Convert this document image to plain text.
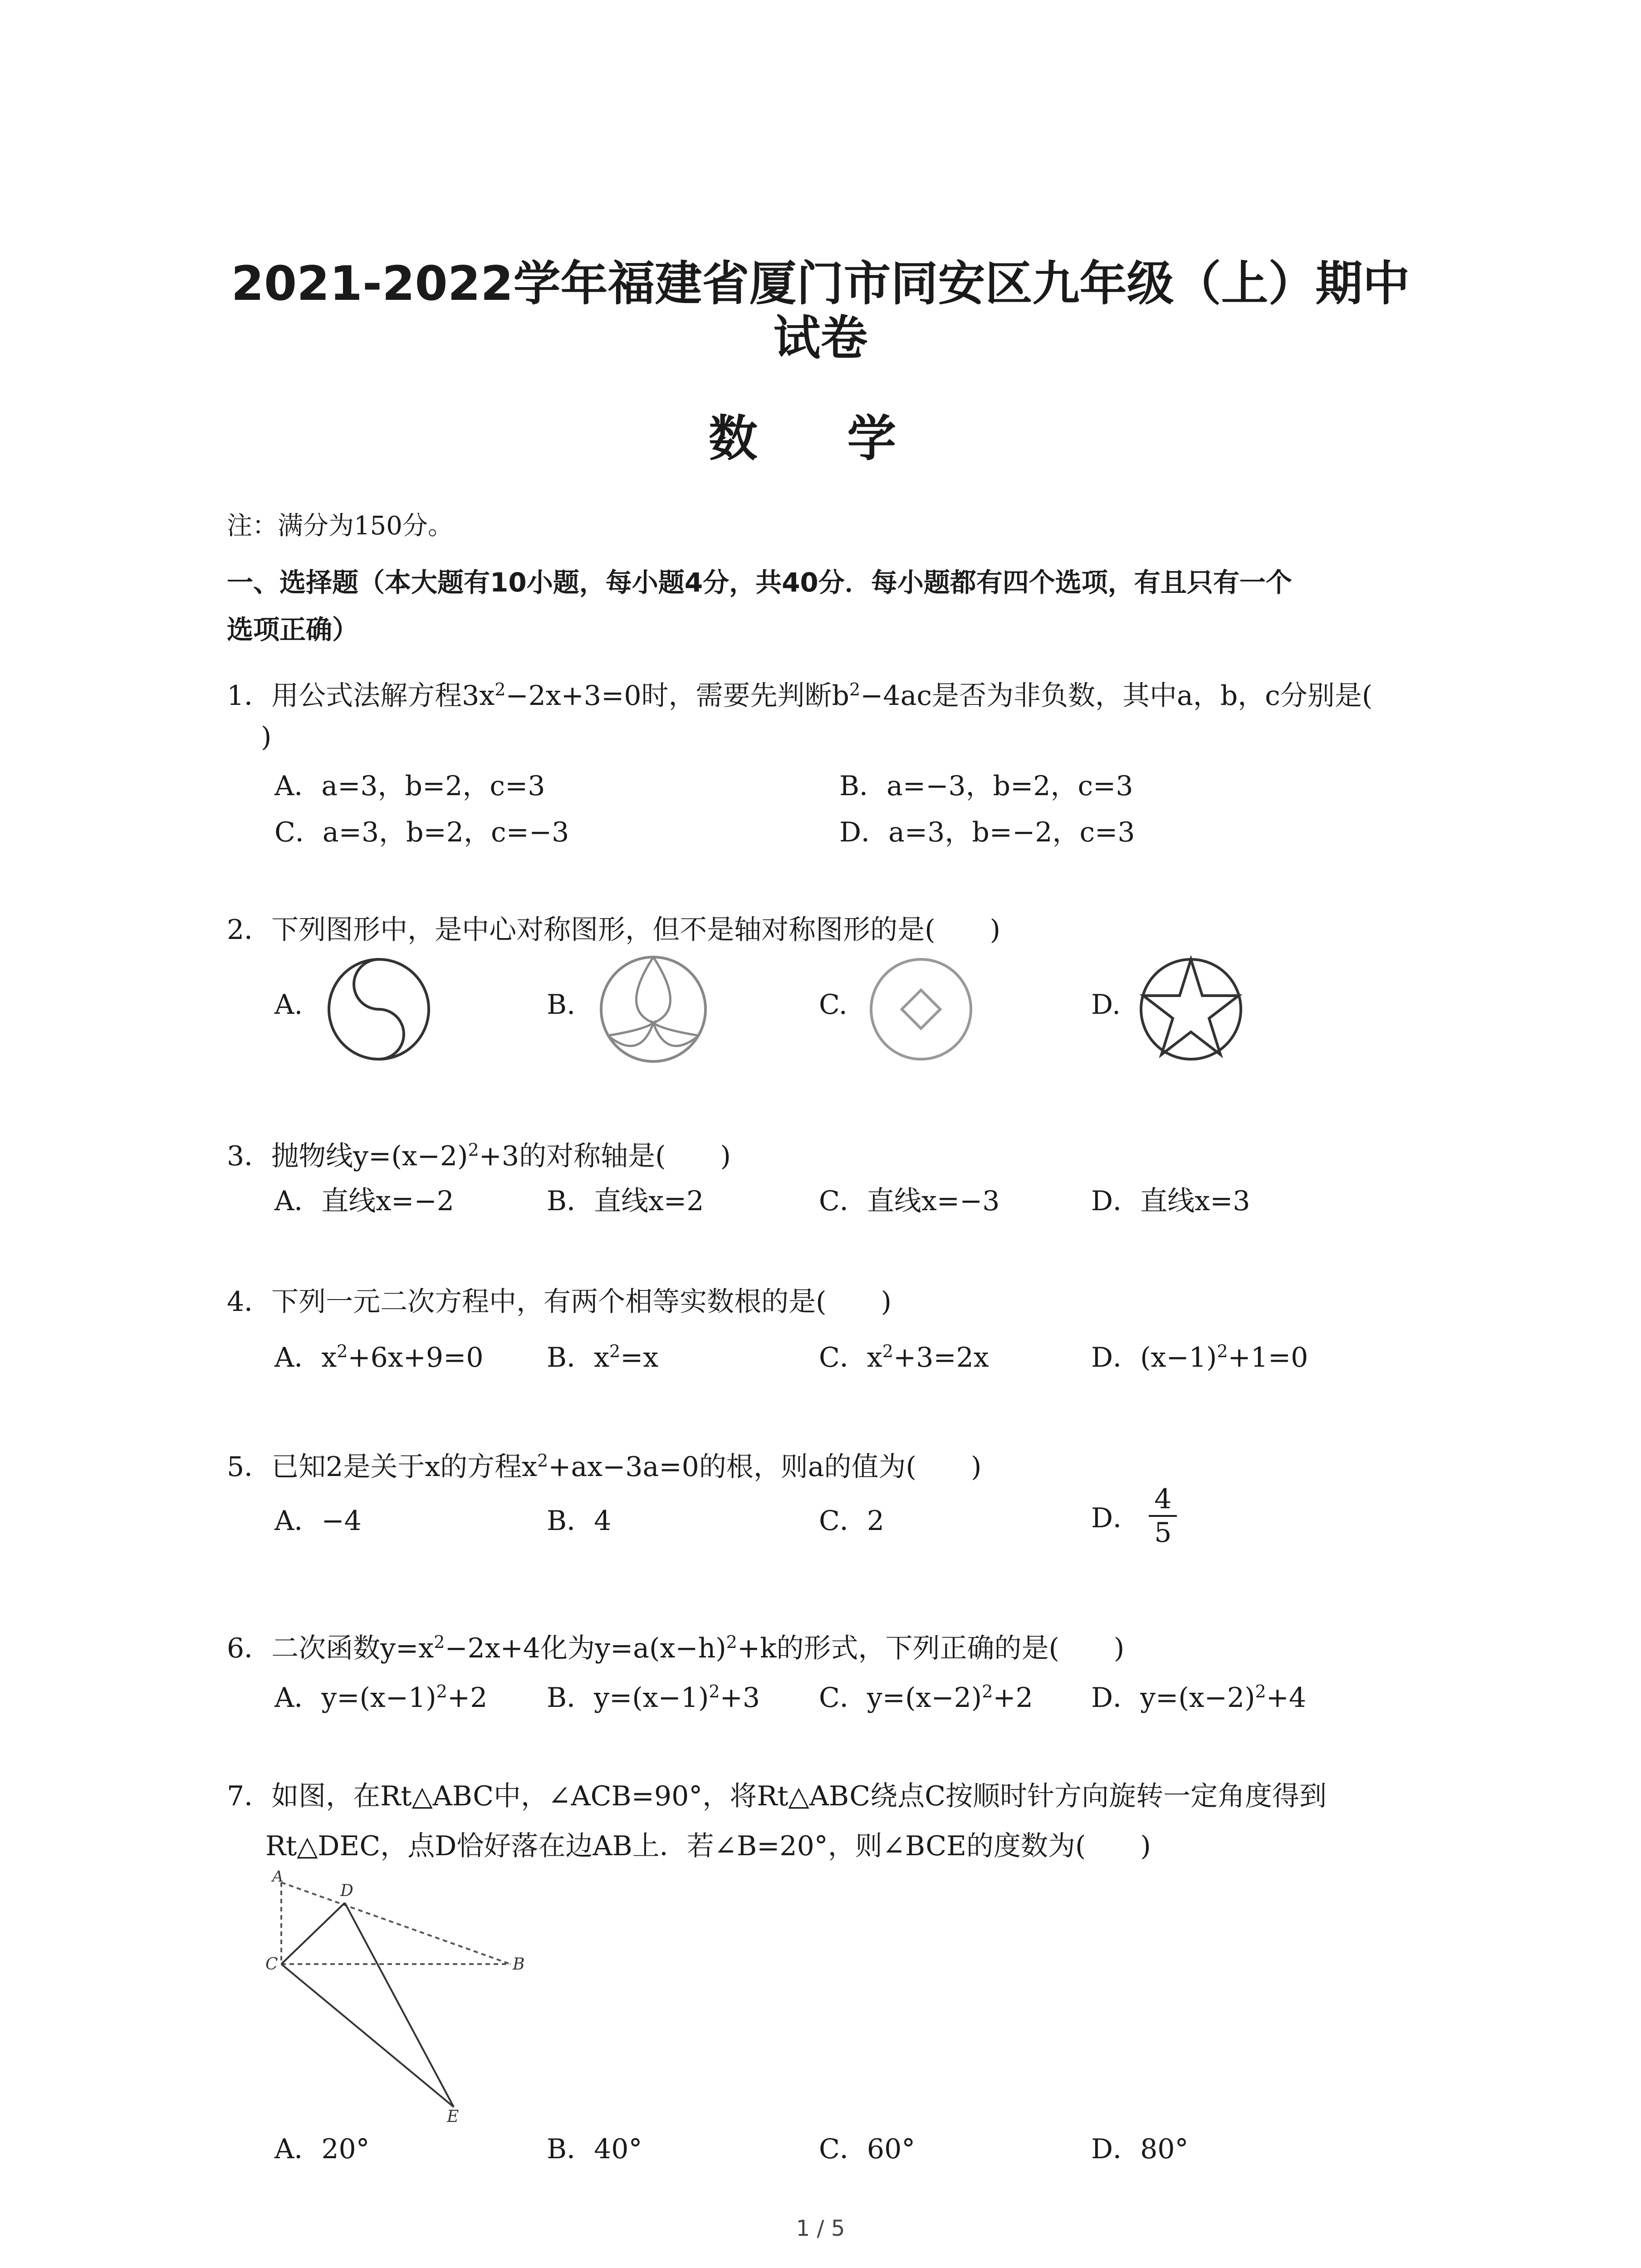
2021-2022学年福建省厦门市同安区九年级（上）期中
试卷
数 学
注：满分为150分。
一、选择题（本大题有10小题，每小题4分，共40分．每小题都有四个选项，有且只有一个
选项正确）
1．用公式法解方程$3x^2-2x+3=0$时，需要先判断$b^2-4ac$是否为非负数，其中a，b，c分别是(
)
A．a=3，b=2，c=3	B．a=−3，b=2，c=3
C．a=3，b=2，c=−3	D．a=3，b=−2，c=3
2．下列图形中，是中心对称图形，但不是轴对称图形的是(　　)
A.	B.	C.	D.
3．抛物线$y=(x-2)^2+3$的对称轴是(　　)
A．直线x=−2	B．直线x=2	C．直线x=−3	D．直线x=3
4．下列一元二次方程中，有两个相等实数根的是(　　)
A．$x^2+6x+9=0$ B．$x^2=x$	C．$x^2+3=2x$	D．$(x-1)^2+1=0$
5．已知2是关于x的方程$x^2+ax-3a=0$的根，则a的值为(　　)
A．−4	B．4	C．2	D． $\frac{4}{5}$
6．二次函数$y=x^2-2x+4$化为$y=a(x-h)^2+k$的形式，下列正确的是(　　)
A．$y=(x-1)^2+2$ B．$y=(x-1)^2+3$ C．$y=(x-2)^2+2$ D．$y=(x-2)^2+4$
7．如图，在Rt△ABC中，∠ACB=90°，将Rt△ABC绕点C按顺时针方向旋转一定角度得到
Rt△DEC，点D恰好落在边AB上．若∠B=20°，则∠BCE的度数为(　　)
A
D
C	B
E
A．20°	B．40°	C．60°	D．80°
1 / 5
